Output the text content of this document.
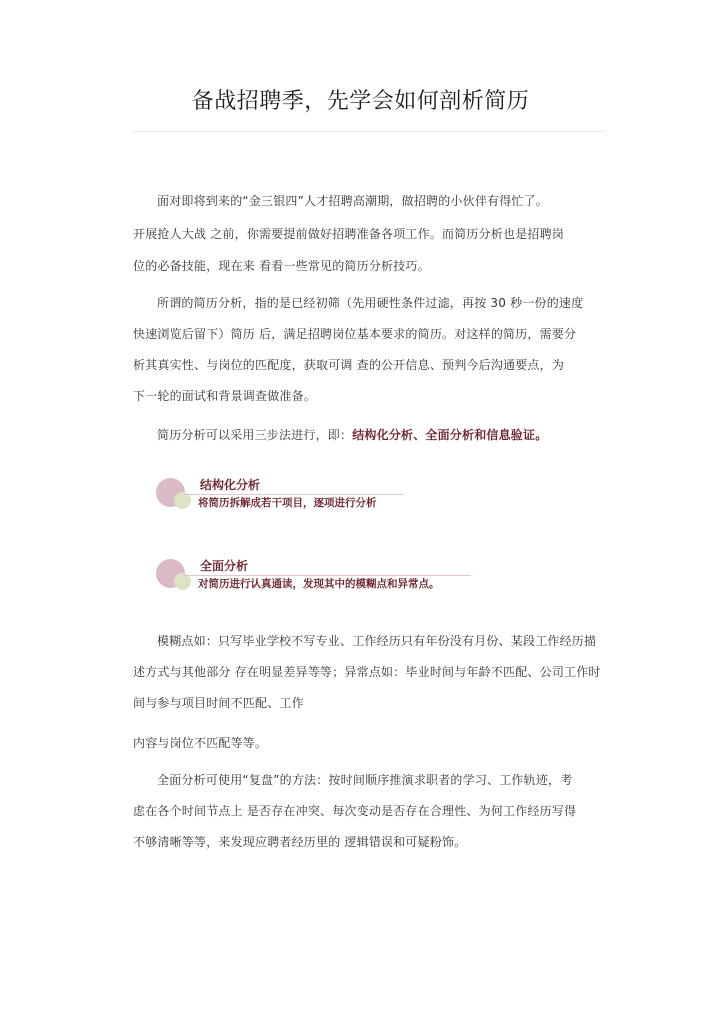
备战招聘季，先学会如何剖析简历
面对即将到来的“金三银四”人才招聘高潮期，做招聘的小伙伴有得忙了。
开展抢人大战 之前，你需要提前做好招聘准备各项工作。而简历分析也是招聘岗
位的必备技能，现在来 看看一些常见的简历分析技巧。
所谓的简历分析，指的是已经初筛（先用硬性条件过滤，再按 30 秒一份的速度
快速浏览后留下）简历 后，满足招聘岗位基本要求的简历。对这样的简历，需要分
析其真实性、与岗位的匹配度，获取可调 查的公开信息、预判今后沟通要点，为
下一轮的面试和背景调查做准备。
简历分析可以采用三步法进行，即：结构化分析、全面分析和信息验证。
结构化分析
将简历拆解成若干项目，逐项进行分析
全面分析
对简历进行认真通读，发现其中的模糊点和异常点。
模糊点如：只写毕业学校不写专业、工作经历只有年份没有月份、某段工作经历描
述方式与其他部分 存在明显差异等等；异常点如：毕业时间与年龄不匹配、公司工作时
间与参与项目时间不匹配、工作
内容与岗位不匹配等等。
全面分析可使用“复盘”的方法：按时间顺序推演求职者的学习、工作轨迹，考
虑在各个时间节点上 是否存在冲突、每次变动是否存在合理性、为何工作经历写得
不够清晰等等，来发现应聘者经历里的 逻辑错误和可疑粉饰。
